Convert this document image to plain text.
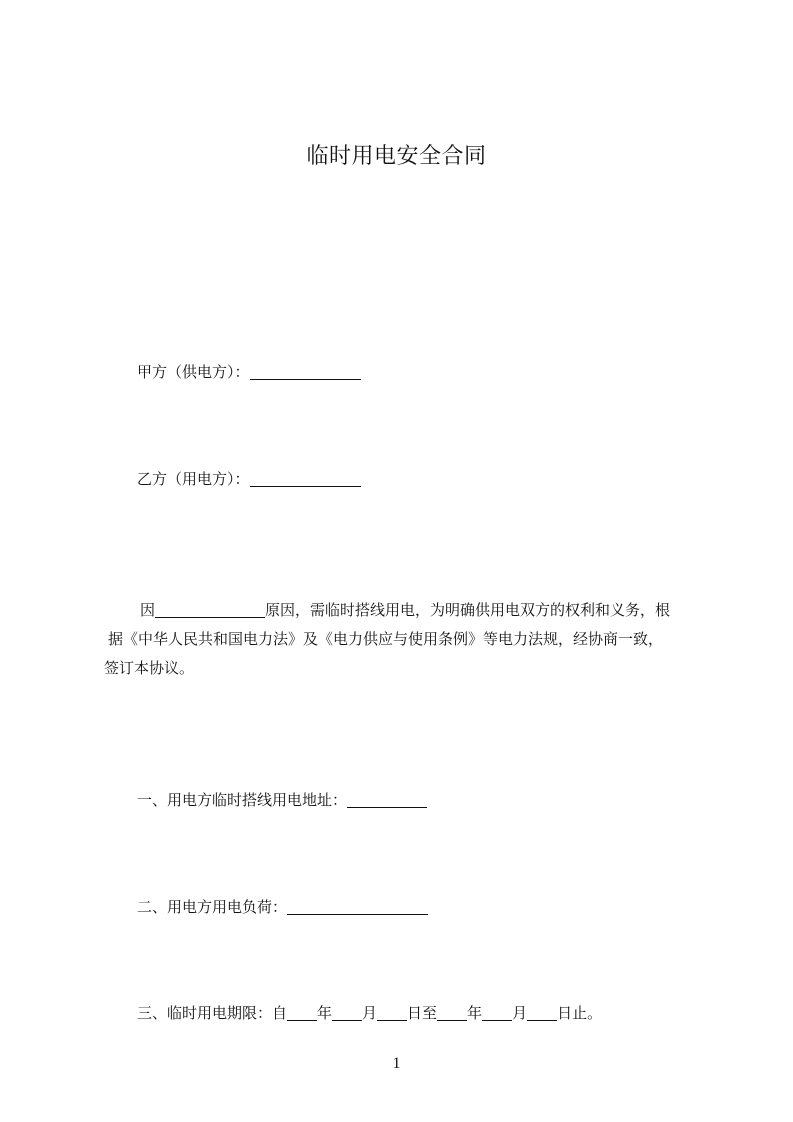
临时用电安全合同
甲方（供电方）：
乙方（用电方）：
因	原因，需临时搭线用电，为明确供用电双方的权利和义务，根
据《中华人民共和国电力法》及《电力供应与使用条例》等电力法规，经协商一致，
签订本协议。
一、用电方临时搭线用电地址：
二、用电方用电负荷：
三、临时用电期限：自 年 月 日至 年 月 日止。
1
